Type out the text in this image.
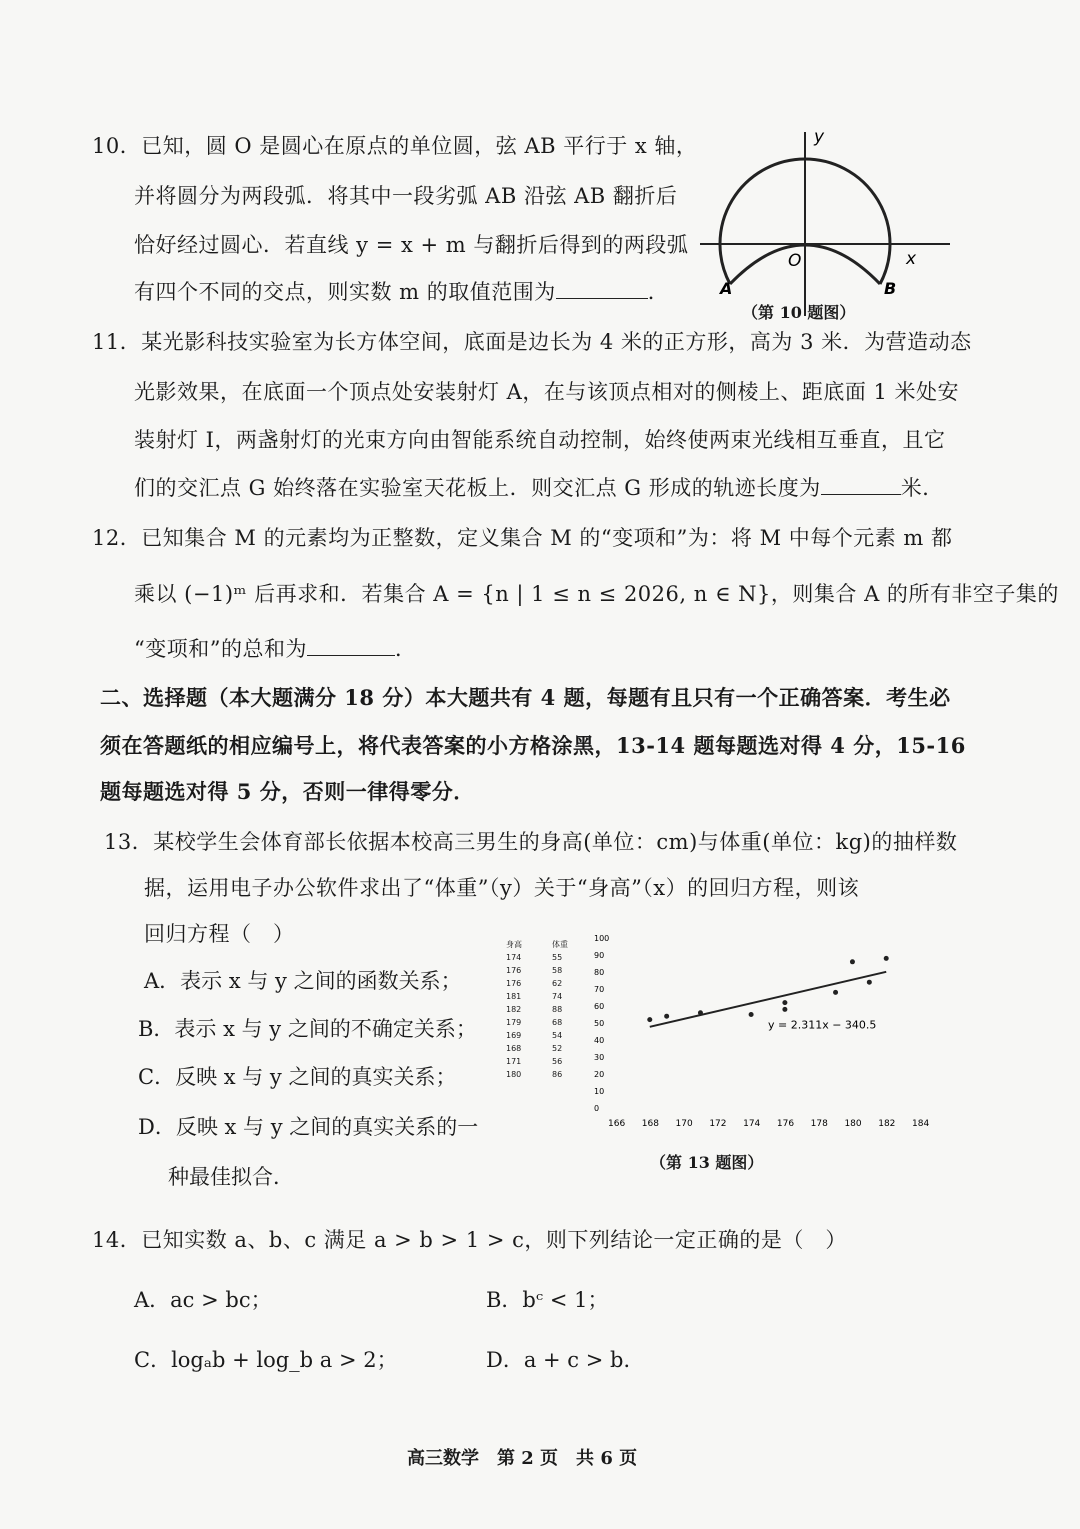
10．已知，圆 O 是圆心在原点的单位圆，弦 AB 平行于 x 轴，
并将圆分为两段弧．将其中一段劣弧 AB 沿弦 AB 翻折后
恰好经过圆心．若直线 y = x + m 与翻折后得到的两段弧
有四个不同的交点，则实数 m 的取值范围为	．
y
x
O
A	B
（第 10 题图）
11．某光影科技实验室为长方体空间，底面是边长为 4 米的正方形，高为 3 米．为营造动态
光影效果，在底面一个顶点处安装射灯 A，在与该顶点相对的侧棱上、距底面 1 米处安
装射灯 I，两盏射灯的光束方向由智能系统自动控制，始终使两束光线相互垂直，且它
们的交汇点 G 始终落在实验室天花板上．则交汇点 G 形成的轨迹长度为	米．
12．已知集合 M 的元素均为正整数，定义集合 M 的“变项和”为：将 M 中每个元素 m 都
乘以 (−1)ᵐ 后再求和．若集合 A = {n | 1 ≤ n ≤ 2026, n ∈ N}，则集合 A 的所有非空子集的
“变项和”的总和为	．
二、选择题（本大题满分 18 分）本大题共有 4 题，每题有且只有一个正确答案．考生必
须在答题纸的相应编号上，将代表答案的小方格涂黑，13-14 题每题选对得 4 分，15-16
题每题选对得 5 分，否则一律得零分．
13．某校学生会体育部长依据本校高三男生的身高(单位：cm)与体重(单位：kg)的抽样数
据，运用电子办公软件求出了“体重”（y）关于“身高”（x）的回归方程，则该
回归方程（　）
A．表示 x 与 y 之间的函数关系；
B．表示 x 与 y 之间的不确定关系；
C．反映 x 与 y 之间的真实关系；
D．反映 x 与 y 之间的真实关系的一
种最佳拟合．
身高	体重
174	55
176	58
176	62
181	74
182	88
179	68
169	54
168	52
171	56
180	86
0
10
20
30
40
50
60
70
80
90
100
166 168 170 172 174 176 178 180 182 184
y = 2.311x − 340.5
（第 13 题图）
14．已知实数 a、b、c 满足 a > b > 1 > c，则下列结论一定正确的是（　）
A．ac > bc；	B．bᶜ < 1；
C．logₐb + log_b a > 2；	D．a + c > b．
高三数学　第 2 页　共 6 页
